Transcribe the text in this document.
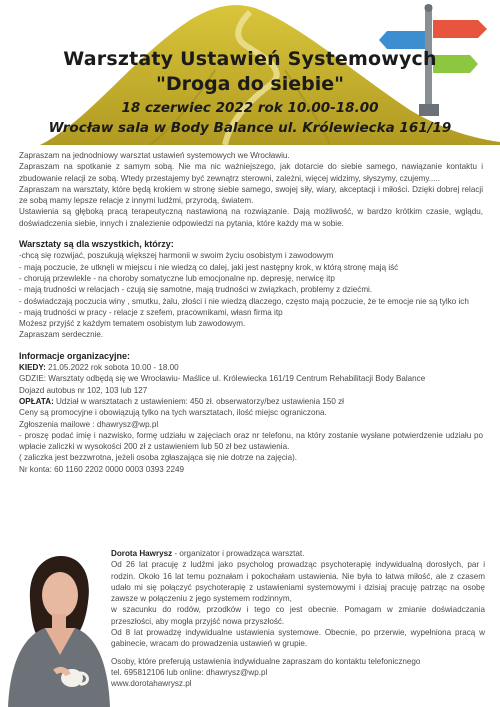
Warsztaty Ustawień Systemowych

"Droga do siebie"

18 czerwiec 2022 rok 10.00-18.00

Wrocław sala w Body Balance ul. Królewiecka 161/19

Zapraszam na jednodniowy warsztat ustawień systemowych we Wrocławiu.

Zapraszam na spotkanie z samym sobą. Nie ma nic ważniejszego, jak dotarcie do siebie samego, nawiązanie kontaktu i zbudowanie relacji ze sobą. Wtedy przestajemy być zewnątrz sterowni, zależni, więcej widzimy, słyszymy, czujemy.....

Zapraszam na warsztaty, które będą krokiem w stronę siebie samego, swojej siły, wiary, akceptacji i miłości. Dzięki dobrej relacji ze sobą mamy lepsze relacje z innymi ludźmi, przyrodą, światem.

Ustawienia są głęboką pracą terapeutyczną nastawioną na rozwiązanie. Dają możliwość, w bardzo krótkim czasie, wglądu, doświadczenia siebie, innych i znalezienie odpowiedzi na pytania, które każdy ma w sobie.

Warsztaty są dla wszystkich, którzy:

-chcą się rozwijać, poszukują większej harmonii w swoim życiu osobistym i zawodowym

- mają poczucie, że utknęli w miejscu i nie wiedzą co dalej, jaki jest następny krok, w którą stronę mają iść

- chorują przewlekle - na choroby somatyczne lub emocjonalne np. depresję, nerwicę itp

- mają trudności w relacjach - czują się samotne, mają trudności w związkach, problemy z dziećmi.

- doświadczają poczucia winy , smutku, żalu, złości i nie wiedzą dlaczego, często mają poczucie, że te emocje nie są tylko ich

- mają trudności w pracy - relacje z szefem, pracownikami, własn firma itp

Możesz przyjść z każdym tematem osobistym lub zawodowym.

Zapraszam serdecznie.

Informacje organizacyjne:

KIEDY: 21.05.2022 rok sobota 10.00 - 18.00

GDZIE: Warsztaty odbędą się we Wrocławiu- Maślice ul. Królewiecka 161/19 Centrum Rehabilitacji Body Balance

Dojazd autobus nr 102, 103 lub 127

OPŁATA: Udział w warsztatach z ustawieniem: 450 zł. obserwatorzy/bez ustawienia 150 zł

Ceny są promocyjne i obowiązują tylko na tych warsztatach, ilość miejsc ograniczona.

Zgłoszenia mailowe : dhawrysz@wp.pl

- proszę podać imię i nazwisko, formę udziału w zajęciach oraz nr telefonu, na który zostanie wysłane potwierdzenie udziału po wpłacie zaliczki w wysokości 200 zł z ustawieniem lub 50 zł bez ustawienia.

( zaliczka jest bezzwrotna, jeżeli osoba zgłaszająca się nie dotrze na zajęcia).

Nr konta: 60 1160 2202 0000 0003 0393 2249

Dorota Hawrysz - organizator i prowadząca warsztat.

Od 26 lat pracuję z ludźmi jako psycholog prowadząc psychoterapię indywidualną dorosłych, par i rodzin. Około 16 lat temu poznałam i pokochałam ustawienia. Nie była to łatwa miłość, ale z czasem udało mi się połączyć psychoterapię z ustawieniami systemowymi i dzisiaj pracuję patrząc na osobę zawsze w połączeniu z jego systemem rodzinnym,

w szacunku do rodów, przodków i tego co jest obecnie. Pomagam w zmianie doświadczania przeszłości, aby mogła przyjść nowa przyszłość.

Od 8 lat prowadzę indywidualne ustawienia systemowe. Obecnie, po przerwie, wypełniona pracą w gabinecie, wracam do prowadzenia ustawień w grupie.

Osoby, które preferują ustawienia indywidualne zapraszam do kontaktu telefonicznego

tel. 695812106 lub online: dhawrysz@wp.pl

www.dorotahawrysz.pl
